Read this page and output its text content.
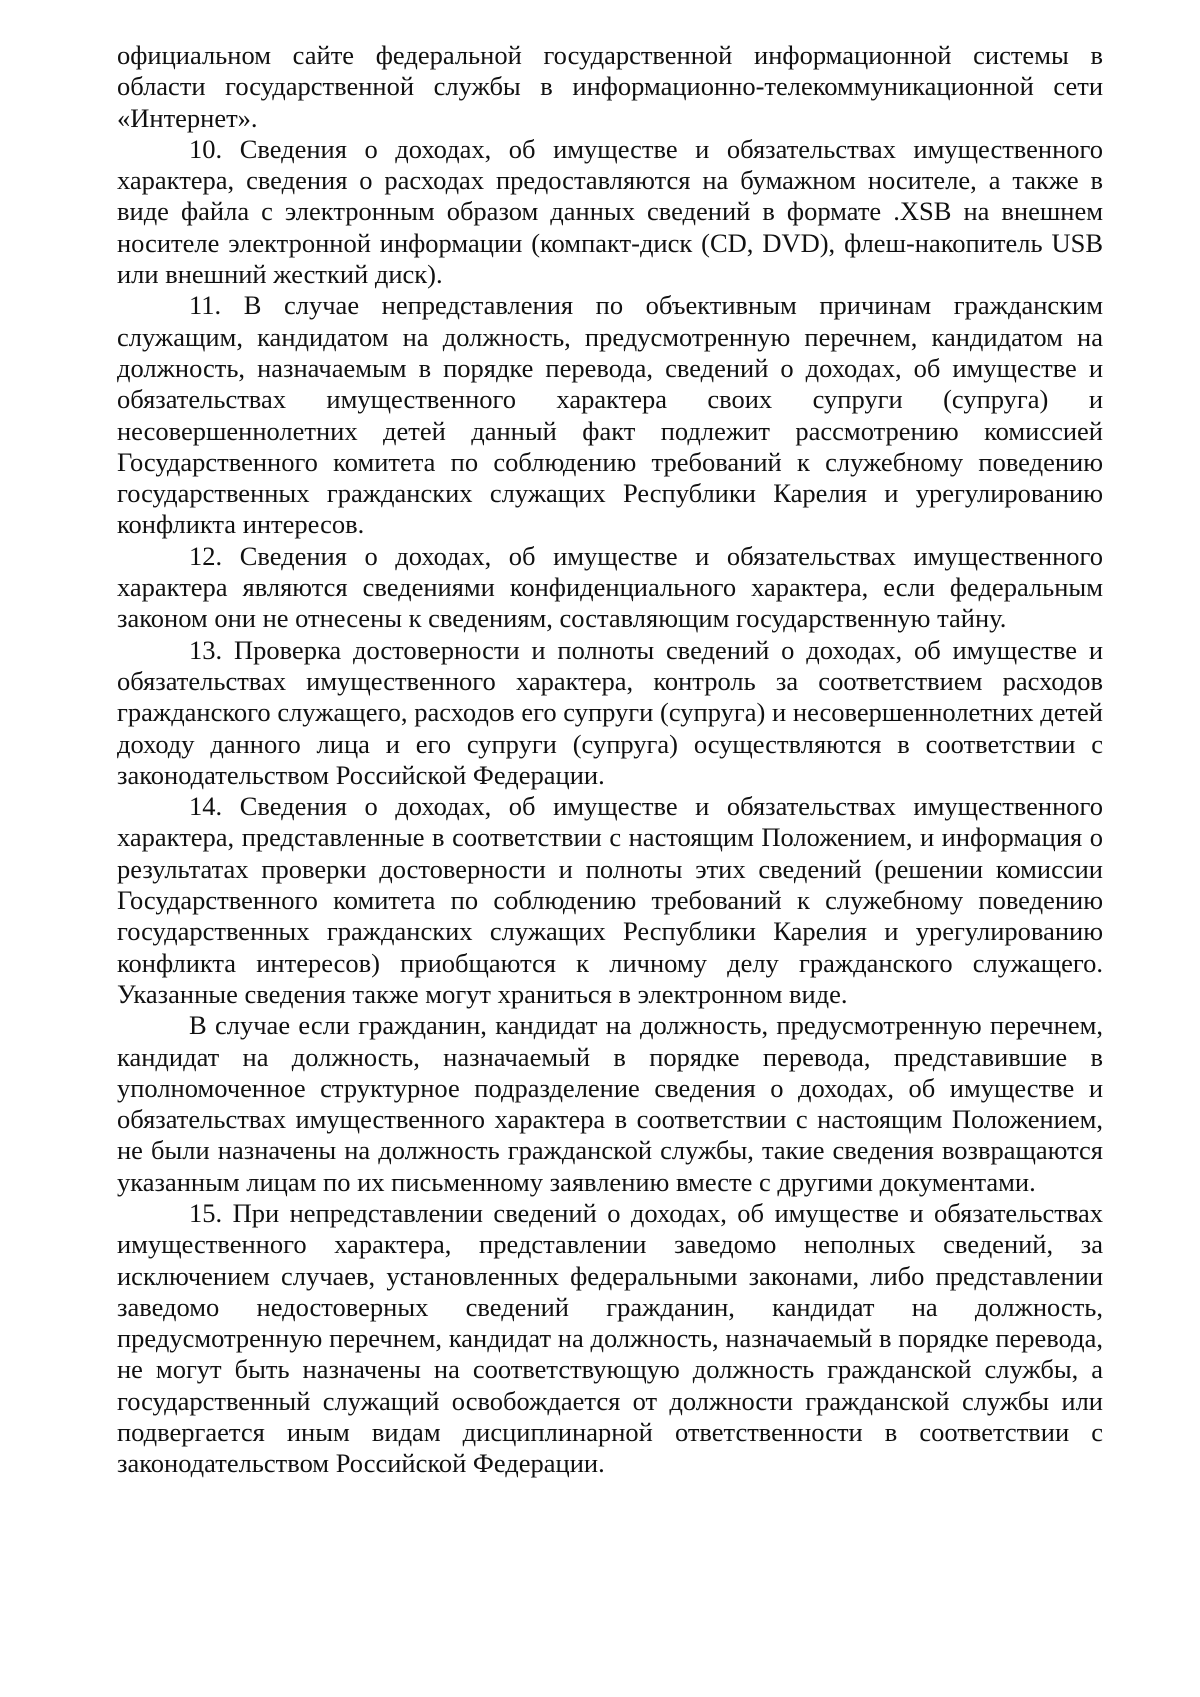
официальном сайте федеральной государственной информационной системы в области государственной службы в информационно-телекоммуникационной сети «Интернет».

10. Сведения о доходах, об имуществе и обязательствах имущественного характера, сведения о расходах предоставляются на бумажном носителе, а также в виде файла с электронным образом данных сведений в формате .XSB на внешнем носителе электронной информации (компакт-диск (CD, DVD), флеш-накопитель USB или внешний жесткий диск).

11. В случае непредставления по объективным причинам гражданским служащим, кандидатом на должность, предусмотренную перечнем, кандидатом на должность, назначаемым в порядке перевода, сведений о доходах, об имуществе и обязательствах имущественного характера своих супруги (супруга) и несовершеннолетних детей данный факт подлежит рассмотрению комиссией Государственного комитета по соблюдению требований к служебному поведению государственных гражданских служащих Республики Карелия и урегулированию конфликта интересов.

12. Сведения о доходах, об имуществе и обязательствах имущественного характера являются сведениями конфиденциального характера, если федеральным законом они не отнесены к сведениям, составляющим государственную тайну.

13. Проверка достоверности и полноты сведений о доходах, об имуществе и обязательствах имущественного характера, контроль за соответствием расходов гражданского служащего, расходов его супруги (супруга) и несовершеннолетних детей доходу данного лица и его супруги (супруга) осуществляются в соответствии с законодательством Российской Федерации.

14. Сведения о доходах, об имуществе и обязательствах имущественного характера, представленные в соответствии с настоящим Положением, и информация о результатах проверки достоверности и полноты этих сведений (решении комиссии Государственного комитета по соблюдению требований к служебному поведению государственных гражданских служащих Республики Карелия и урегулированию конфликта интересов) приобщаются к личному делу гражданского служащего. Указанные сведения также могут храниться в электронном виде.

В случае если гражданин, кандидат на должность, предусмотренную перечнем, кандидат на должность, назначаемый в порядке перевода, представившие в уполномоченное структурное подразделение сведения о доходах, об имуществе и обязательствах имущественного характера в соответствии с настоящим Положением, не были назначены на должность гражданской службы, такие сведения возвращаются указанным лицам по их письменному заявлению вместе с другими документами.

15. При непредставлении сведений о доходах, об имуществе и обязательствах имущественного характера, представлении заведомо неполных сведений, за исключением случаев, установленных федеральными законами, либо представлении заведомо недостоверных сведений гражданин, кандидат на должность, предусмотренную перечнем, кандидат на должность, назначаемый в порядке перевода, не могут быть назначены на соответствующую должность гражданской службы, а государственный служащий освобождается от должности гражданской службы или подвергается иным видам дисциплинарной ответственности в соответствии с законодательством Российской Федерации.
